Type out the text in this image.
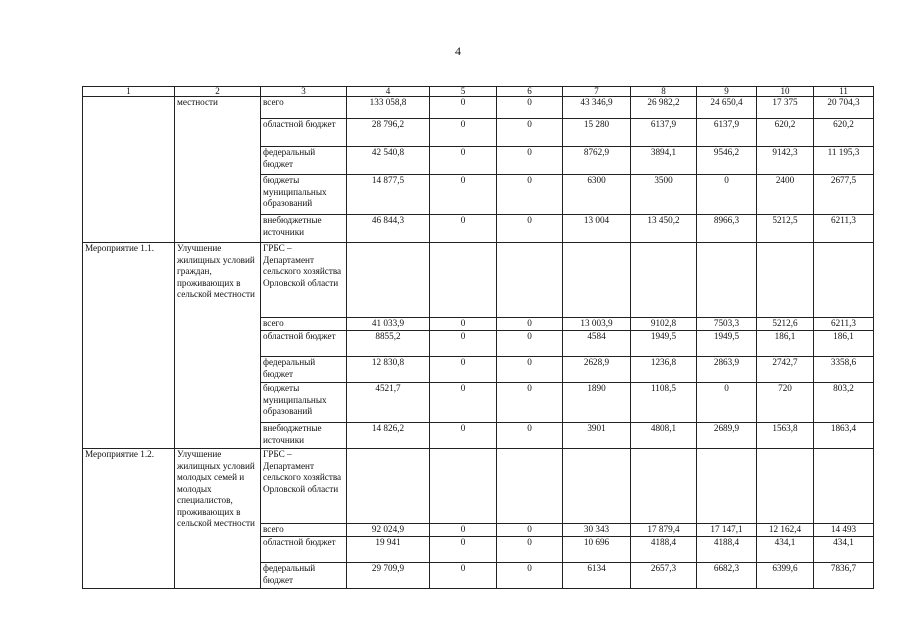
4
1	2	3	4	5	6	7	8	9	10	11
	местности	всего	133 058,8	0	0	43 346,9	26 982,2	24 650,4	17 375	20 704,3
		областной бюджет	28 796,2	0	0	15 280	6137,9	6137,9	620,2	620,2
		федеральный бюджет	42 540,8	0	0	8762,9	3894,1	9546,2	9142,3	11 195,3
		бюджеты муниципальных образований	14 877,5	0	0	6300	3500	0	2400	2677,5
		внебюджетные источники	46 844,3	0	0	13 004	13 450,2	8966,3	5212,5	6211,3
Мероприятие 1.1.	Улучшение жилищных условий граждан, проживающих в сельской местности	ГРБС – Департамент сельского хозяйства Орловской области								
		всего	41 033,9	0	0	13 003,9	9102,8	7503,3	5212,6	6211,3
		областной бюджет	8855,2	0	0	4584	1949,5	1949,5	186,1	186,1
		федеральный бюджет	12 830,8	0	0	2628,9	1236,8	2863,9	2742,7	3358,6
		бюджеты муниципальных образований	4521,7	0	0	1890	1108,5	0	720	803,2
		внебюджетные источники	14 826,2	0	0	3901	4808,1	2689,9	1563,8	1863,4
Мероприятие 1.2.	Улучшение жилищных условий молодых семей и молодых специалистов, проживающих в сельской местности	ГРБС – Департамент сельского хозяйства Орловской области								
		всего	92 024,9	0	0	30 343	17 879,4	17 147,1	12 162,4	14 493
		областной бюджет	19 941	0	0	10 696	4188,4	4188,4	434,1	434,1
		федеральный бюджет	29 709,9	0	0	6134	2657,3	6682,3	6399,6	7836,7
